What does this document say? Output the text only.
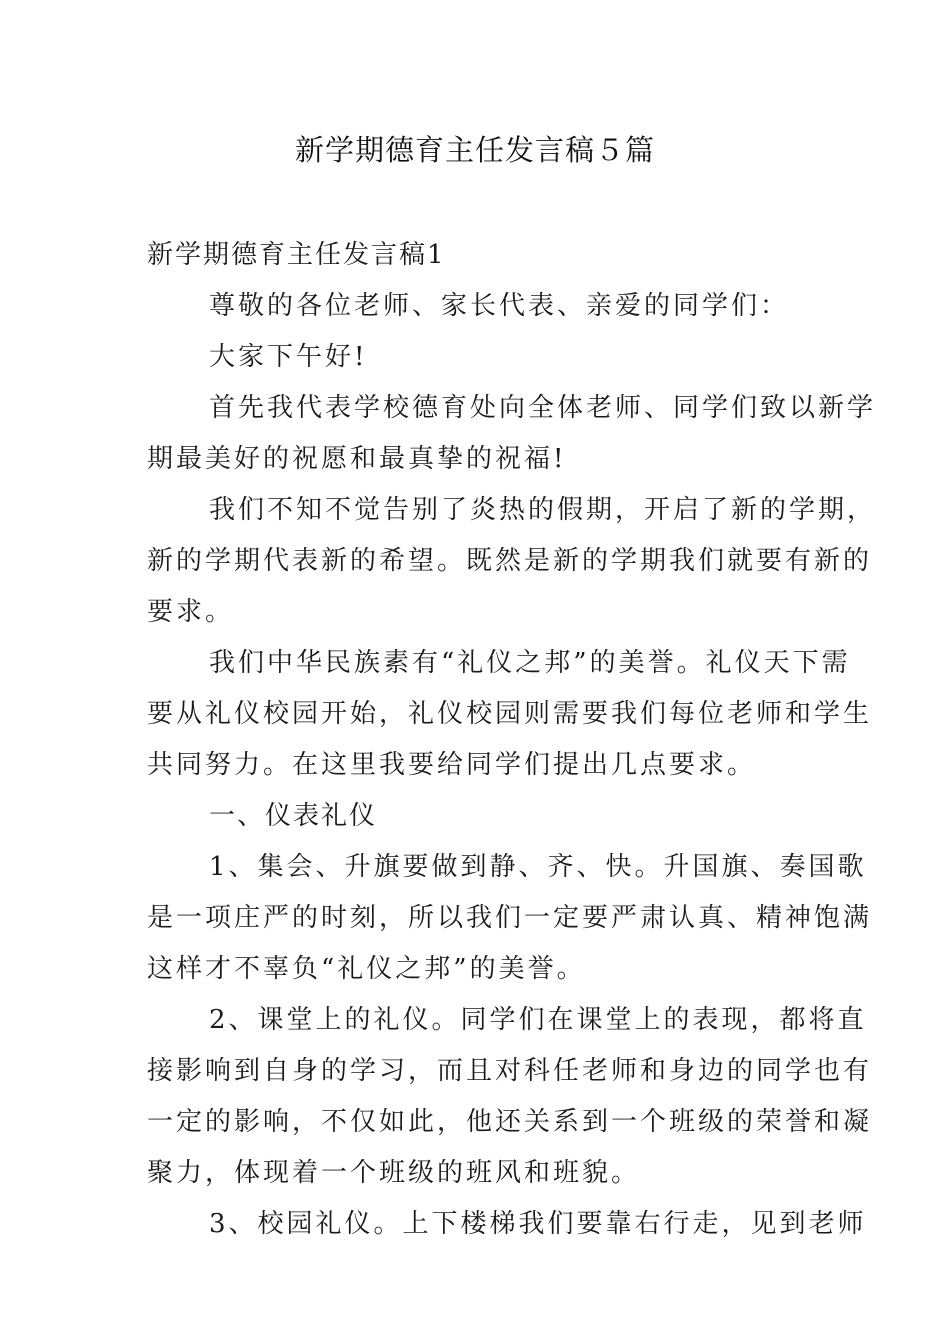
新学期德育主任发言稿５篇
新学期德育主任发言稿1
尊敬的各位老师、家长代表、亲爱的同学们：
大家下午好!
首先我代表学校德育处向全体老师、同学们致以新学
期最美好的祝愿和最真挚的祝福!
我们不知不觉告别了炎热的假期，开启了新的学期，
新的学期代表新的希望。既然是新的学期我们就要有新的
要求。
我们中华民族素有“礼仪之邦”的美誉。礼仪天下需
要从礼仪校园开始，礼仪校园则需要我们每位老师和学生
共同努力。在这里我要给同学们提出几点要求。
一、仪表礼仪
1、集会、升旗要做到静、齐、快。升国旗、奏国歌
是一项庄严的时刻，所以我们一定要严肃认真、精神饱满
这样才不辜负“礼仪之邦”的美誉。
2、课堂上的礼仪。同学们在课堂上的表现，都将直
接影响到自身的学习，而且对科任老师和身边的同学也有
一定的影响，不仅如此，他还关系到一个班级的荣誉和凝
聚力，体现着一个班级的班风和班貌。
3、校园礼仪。上下楼梯我们要靠右行走，见到老师
